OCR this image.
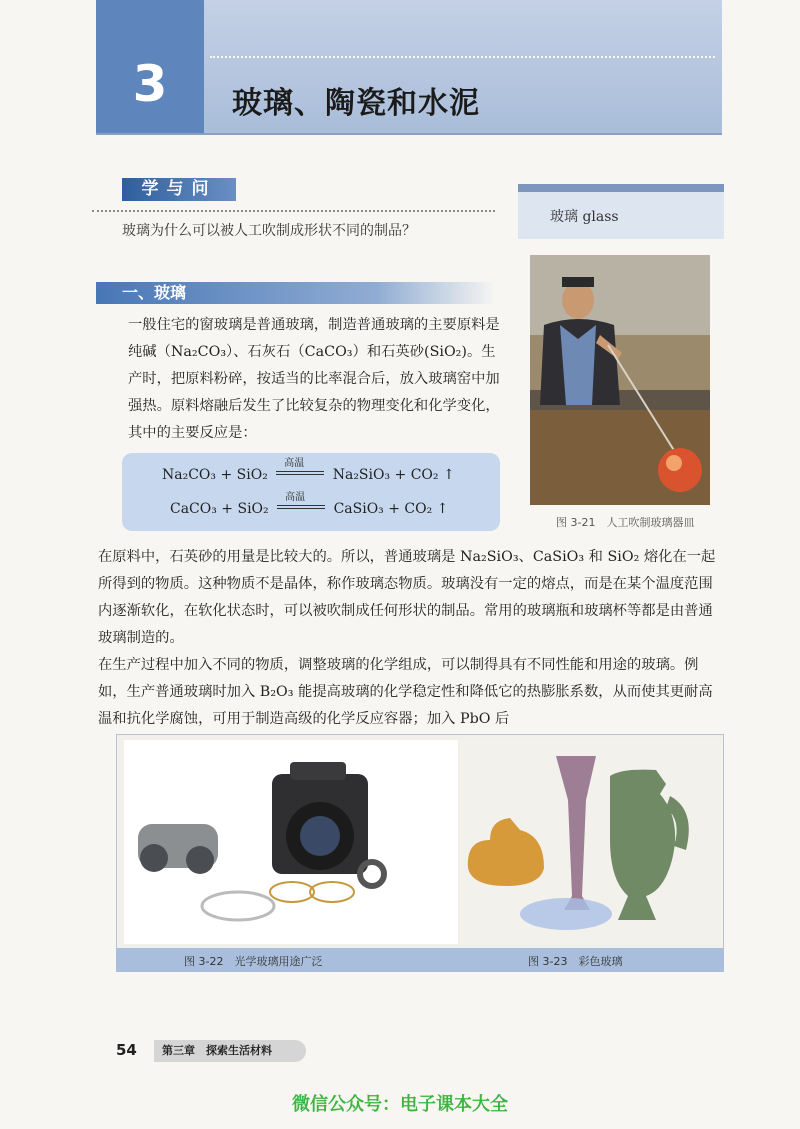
3	玻璃、陶瓷和水泥
学与问
玻璃为什么可以被人工吹制成形状不同的制品？
玻璃 glass
一、玻璃
一般住宅的窗玻璃是普通玻璃，制造普通玻璃的主要原料是纯碱（Na₂CO₃）、石灰石（CaCO₃）和石英砂(SiO₂)。生产时，把原料粉碎，按适当的比率混合后，放入玻璃窑中加强热。原料熔融后发生了比较复杂的物理变化和化学变化，其中的主要反应是：
Na₂CO₃ + SiO₂
高温
Na₂SiO₃ + CO₂ ↑
CaCO₃ + SiO₂
高温
CaSiO₃ + CO₂ ↑
图 3-21　人工吹制玻璃器皿
在原料中，石英砂的用量是比较大的。所以，普通玻璃是 Na₂SiO₃、CaSiO₃ 和 SiO₂ 熔化在一起所得到的物质。这种物质不是晶体，称作玻璃态物质。玻璃没有一定的熔点，而是在某个温度范围内逐渐软化，在软化状态时，可以被吹制成任何形状的制品。常用的玻璃瓶和玻璃杯等都是由普通玻璃制造的。
在生产过程中加入不同的物质，调整玻璃的化学组成，可以制得具有不同性能和用途的玻璃。例如，生产普通玻璃时加入 B₂O₃ 能提高玻璃的化学稳定性和降低它的热膨胀系数，从而使其更耐高温和抗化学腐蚀，可用于制造高级的化学反应容器；加入 PbO 后
图 3-22　光学玻璃用途广泛	图 3-23　彩色玻璃
54	第三章　探索生活材料
微信公众号：电子课本大全
